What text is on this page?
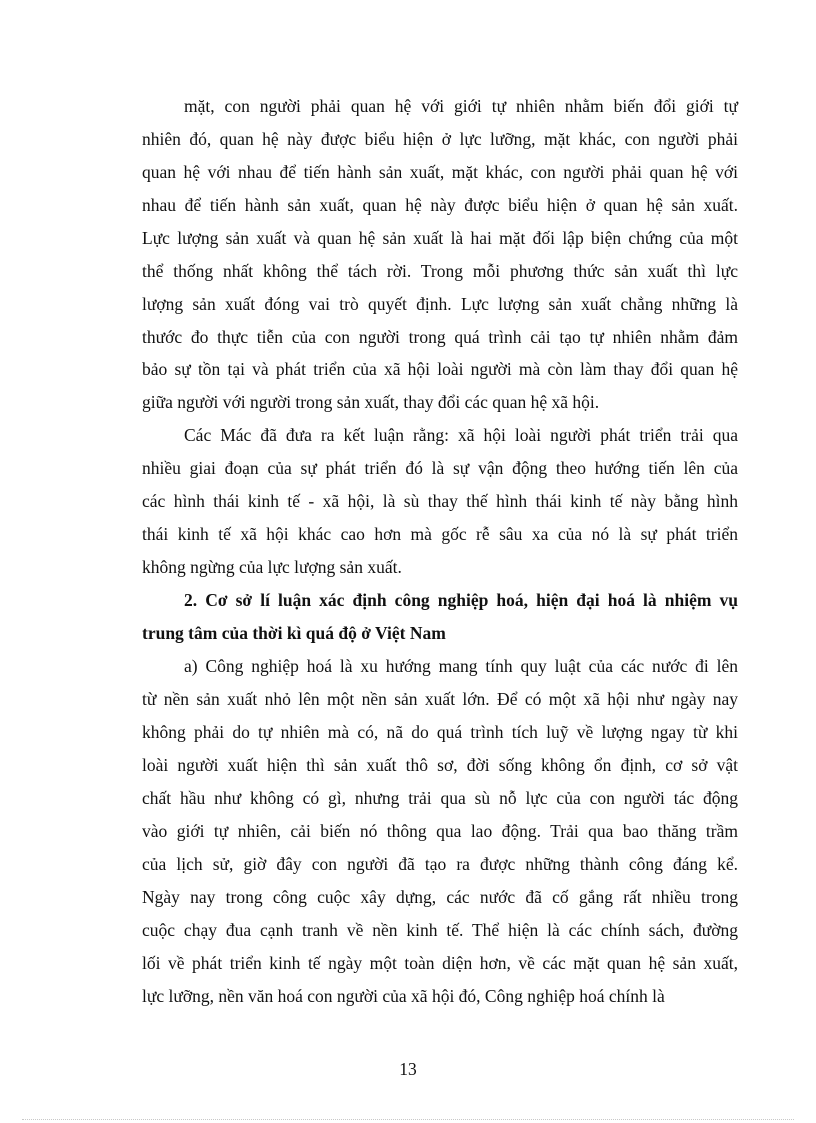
mặt, con người phải quan hệ với giới tự nhiên nhằm biến đổi giới tự
nhiên đó, quan hệ này được biểu hiện ở lực lưỡng, mặt khác, con người phải
quan hệ với nhau để tiến hành sản xuất, mặt khác, con người phải quan hệ với
nhau để tiến hành sản xuất, quan hệ này được biểu hiện ở quan hệ sản xuất.
Lực lượng sản xuất và quan hệ sản xuất là hai mặt đối lập biện chứng của một
thể thống nhất không thể tách rời. Trong mỗi phương thức sản xuất thì lực
lượng sản xuất đóng vai trò quyết định. Lực lượng sản xuất chẳng những là
thước đo thực tiễn của con người trong quá trình cải tạo tự nhiên nhằm đảm
bảo sự tồn tại và phát triển của xã hội loài người mà còn làm thay đổi quan hệ
giữa người với người trong sản xuất, thay đổi các quan hệ xã hội.
Các Mác đã đưa ra kết luận rằng: xã hội loài người phát triển trải qua
nhiều giai đoạn của sự phát triển đó là sự vận động theo hướng tiến lên của
các hình thái kinh tế - xã hội, là sù thay thế hình thái kinh tế này bằng hình
thái kinh tế xã hội khác cao hơn mà gốc rễ sâu xa của nó là sự phát triển
không ngừng của lực lượng sản xuất.
2. Cơ sở lí luận xác định công nghiệp hoá, hiện đại hoá là nhiệm vụ
trung tâm của thời kì quá độ ở Việt Nam
a) Công nghiệp hoá là xu hướng mang tính quy luật của các nước đi lên
từ nền sản xuất nhỏ lên một nền sản xuất lớn. Để có một xã hội như ngày nay
không phải do tự nhiên mà có, nã do quá trình tích luỹ về lượng ngay từ khi
loài người xuất hiện thì sản xuất thô sơ, đời sống không ổn định, cơ sở vật
chất hầu như không có gì, nhưng trải qua sù nỗ lực của con người tác động
vào giới tự nhiên, cải biến nó thông qua lao động. Trải qua bao thăng trầm
của lịch sử, giờ đây con người đã tạo ra được những thành công đáng kể.
Ngày nay trong công cuộc xây dựng, các nước đã cố gắng rất nhiều trong
cuộc chạy đua cạnh tranh về nền kinh tế. Thể hiện là các chính sách, đường
lối về phát triển kinh tế ngày một toàn diện hơn, về các mặt quan hệ sản xuất,
lực lưỡng, nền văn hoá con người của xã hội đó, Công nghiệp hoá chính là
13
